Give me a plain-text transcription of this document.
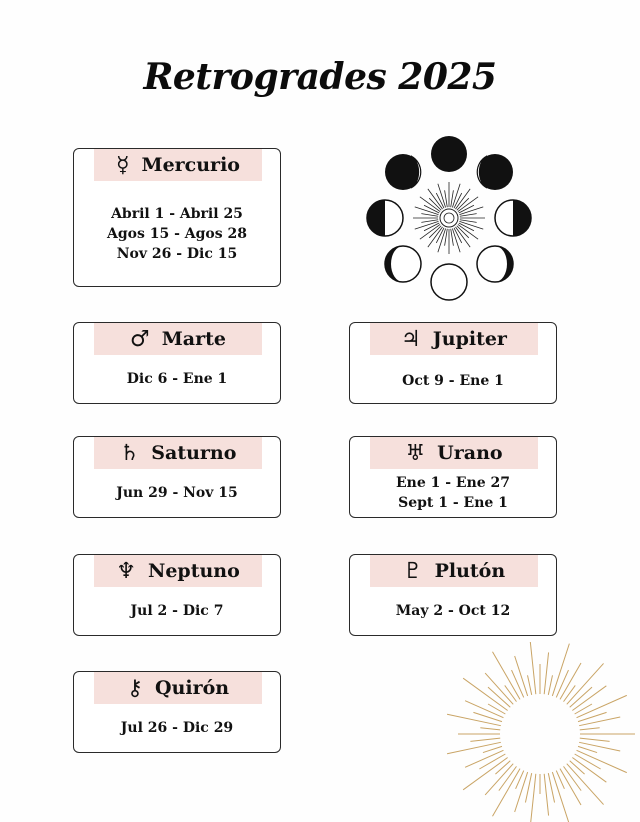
Retrogrades 2025
☿ Mercurio
Abril 1 - Abril 25
Agos 15 - Agos 28
Nov 26 - Dic 15
♂ Marte
Dic 6 - Ene 1
♃ Jupiter
Oct 9 - Ene 1
♄ Saturno
Jun 29 - Nov 15
♅ Urano
Ene 1 - Ene 27
Sept 1 - Ene 1
♆ Neptuno
Jul 2 - Dic 7
♇ Plutón
May 2 - Oct 12
⚷ Quirón
Jul 26 - Dic 29
